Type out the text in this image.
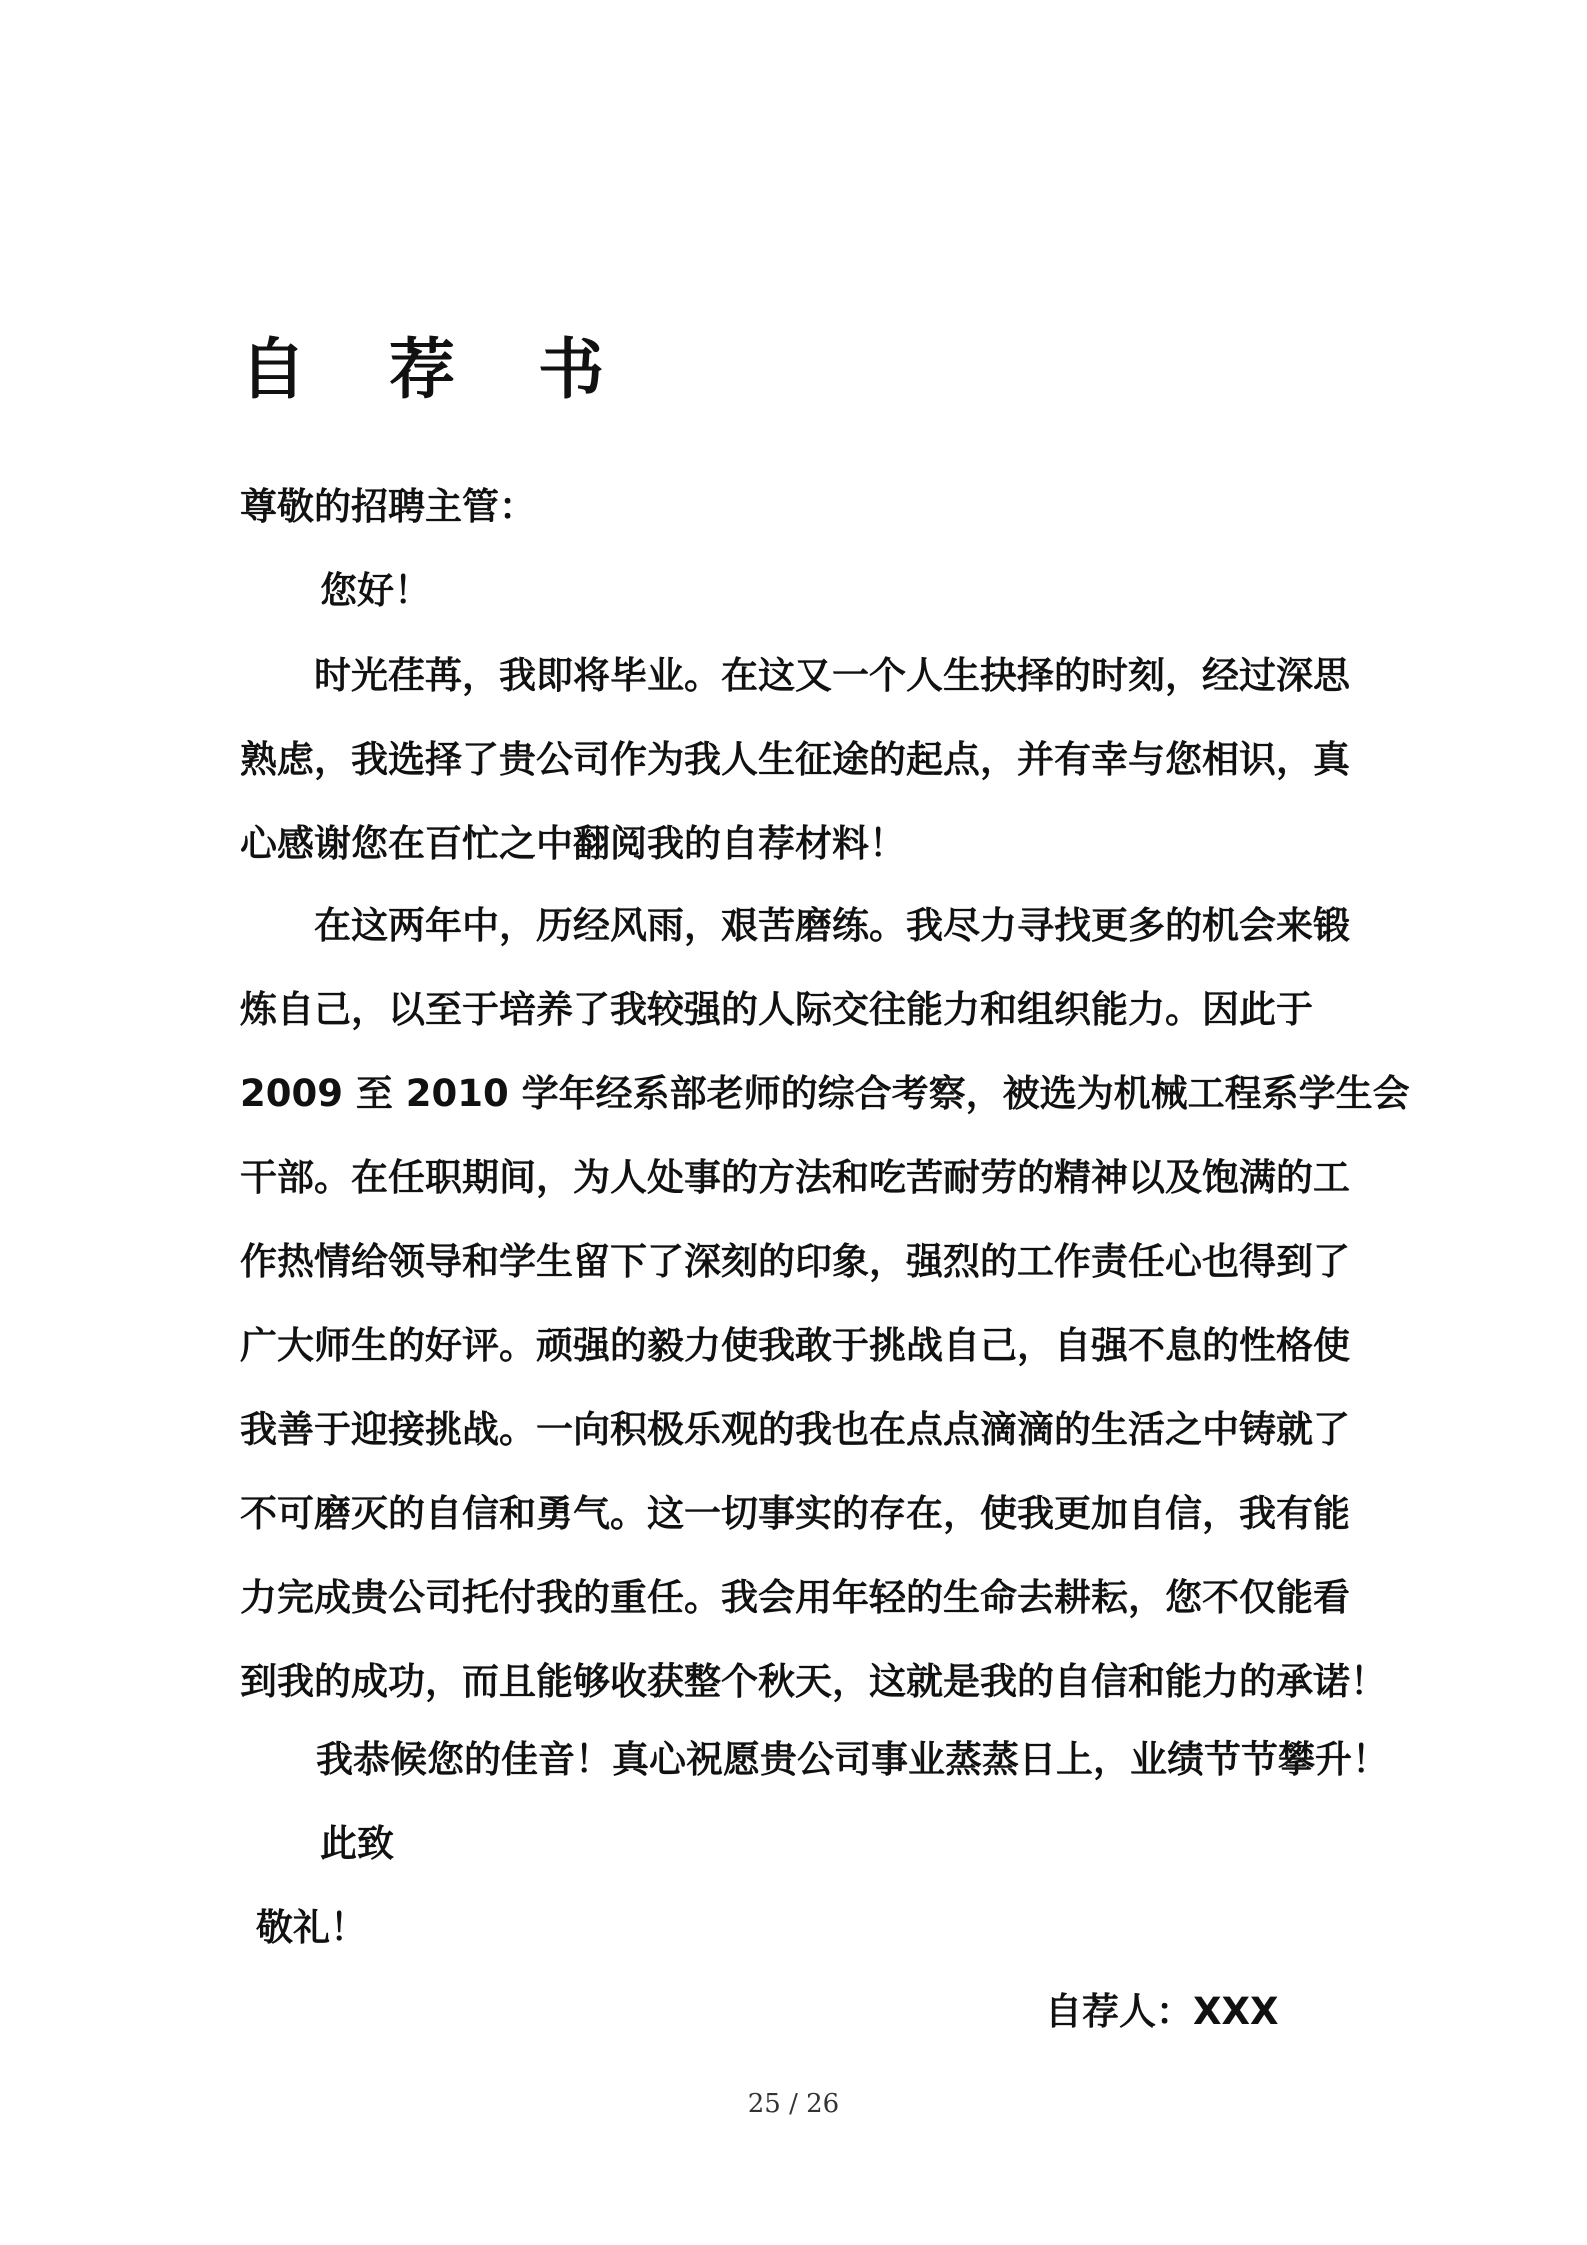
自 荐 书
尊敬的招聘主管：
您好！
　　时光荏苒，我即将毕业。在这又一个人生抉择的时刻，经过深思
熟虑，我选择了贵公司作为我人生征途的起点，并有幸与您相识，真
心感谢您在百忙之中翻阅我的自荐材料！
　　在这两年中，历经风雨，艰苦磨练。我尽力寻找更多的机会来锻
炼自己，以至于培养了我较强的人际交往能力和组织能力。因此于
2009 至 2010 学年经系部老师的综合考察，被选为机械工程系学生会
干部。在任职期间，为人处事的方法和吃苦耐劳的精神以及饱满的工
作热情给领导和学生留下了深刻的印象，强烈的工作责任心也得到了
广大师生的好评。顽强的毅力使我敢于挑战自己，自强不息的性格使
我善于迎接挑战。一向积极乐观的我也在点点滴滴的生活之中铸就了
不可磨灭的自信和勇气。这一切事实的存在，使我更加自信，我有能
力完成贵公司托付我的重任。我会用年轻的生命去耕耘，您不仅能看
到我的成功，而且能够收获整个秋天，这就是我的自信和能力的承诺！
我恭候您的佳音！真心祝愿贵公司事业蒸蒸日上，业绩节节攀升！
此致
敬礼！
自荐人：XXX
25 / 26
